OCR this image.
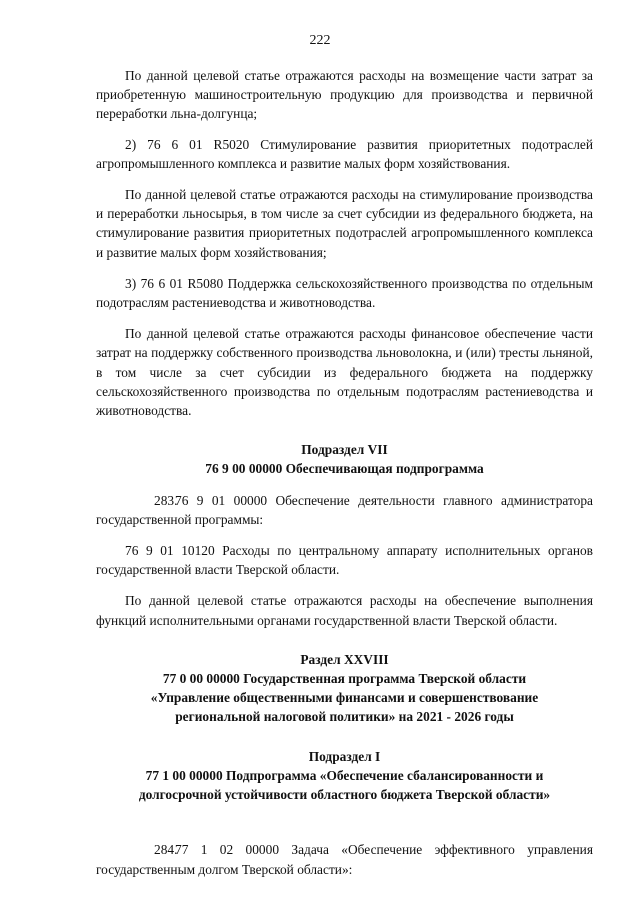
222

По данной целевой статье отражаются расходы на возмещение части затрат за приобретенную машиностроительную продукцию для производства и первичной переработки льна-долгунца;

2) 76 6 01 R5020 Стимулирование развития приоритетных подотраслей агропромышленного комплекса и развитие малых форм хозяйствования.

По данной целевой статье отражаются расходы на стимулирование производства и переработки льносырья, в том числе за счет субсидии из федерального бюджета, на стимулирование развития приоритетных подотраслей агропромышленного комплекса и развитие малых форм хозяйствования;

3) 76 6 01 R5080 Поддержка сельскохозяйственного производства по отдельным подотраслям растениеводства и животноводства.

По данной целевой статье отражаются расходы финансовое обеспечение части затрат на поддержку собственного производства льноволокна, и (или) тресты льняной, в том числе за счет субсидии из федерального бюджета на поддержку сельскохозяйственного производства по отдельным подотраслям растениеводства и животноводства.

Подраздел VII
76 9 00 00000 Обеспечивающая подпрограмма

283.76 9 01 00000 Обеспечение деятельности главного администратора государственной программы:

76 9 01 10120 Расходы по центральному аппарату исполнительных органов государственной власти Тверской области.

По данной целевой статье отражаются расходы на обеспечение выполнения функций исполнительными органами государственной власти Тверской области.

Раздел XXVIII
77 0 00 00000 Государственная программа Тверской области
«Управление общественными финансами и совершенствование
региональной налоговой политики» на 2021 - 2026 годы
Подраздел I
77 1 00 00000 Подпрограмма «Обеспечение сбалансированности и
долгосрочной устойчивости областного бюджета Тверской области»

284.77 1 02 00000 Задача «Обеспечение эффективного управления государственным долгом Тверской области»:
